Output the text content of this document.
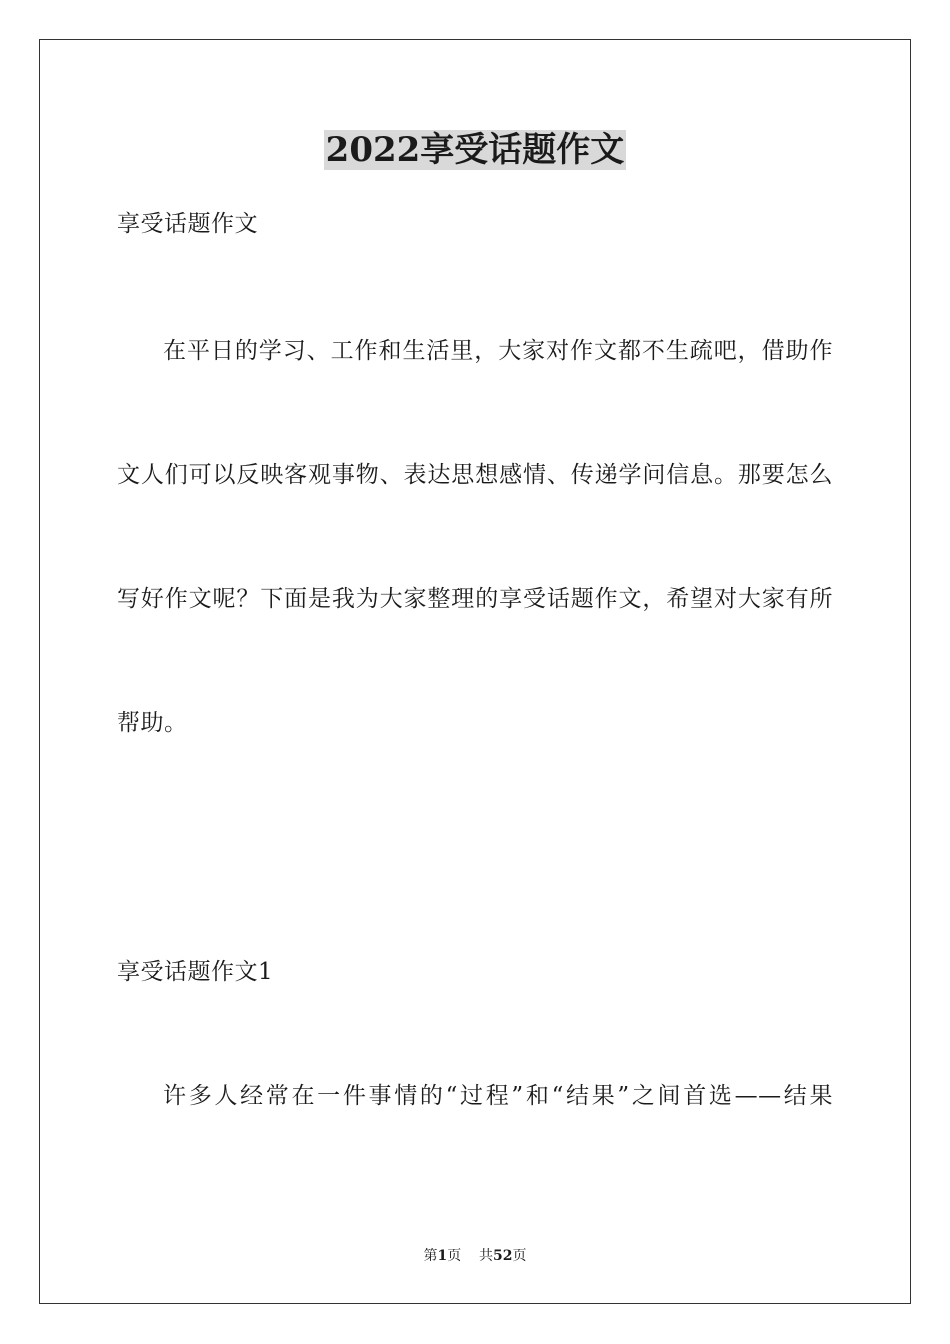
2022享受话题作文
享受话题作文
在平日的学习、工作和生活里，大家对作文都不生疏吧，借助作
文人们可以反映客观事物、表达思想感情、传递学问信息。那要怎么
写好作文呢？下面是我为大家整理的享受话题作文，希望对大家有所
帮助。
享受话题作文1
许多人经常在一件事情的“过程”和“结果”之间首选——结果
第1页 共52页
